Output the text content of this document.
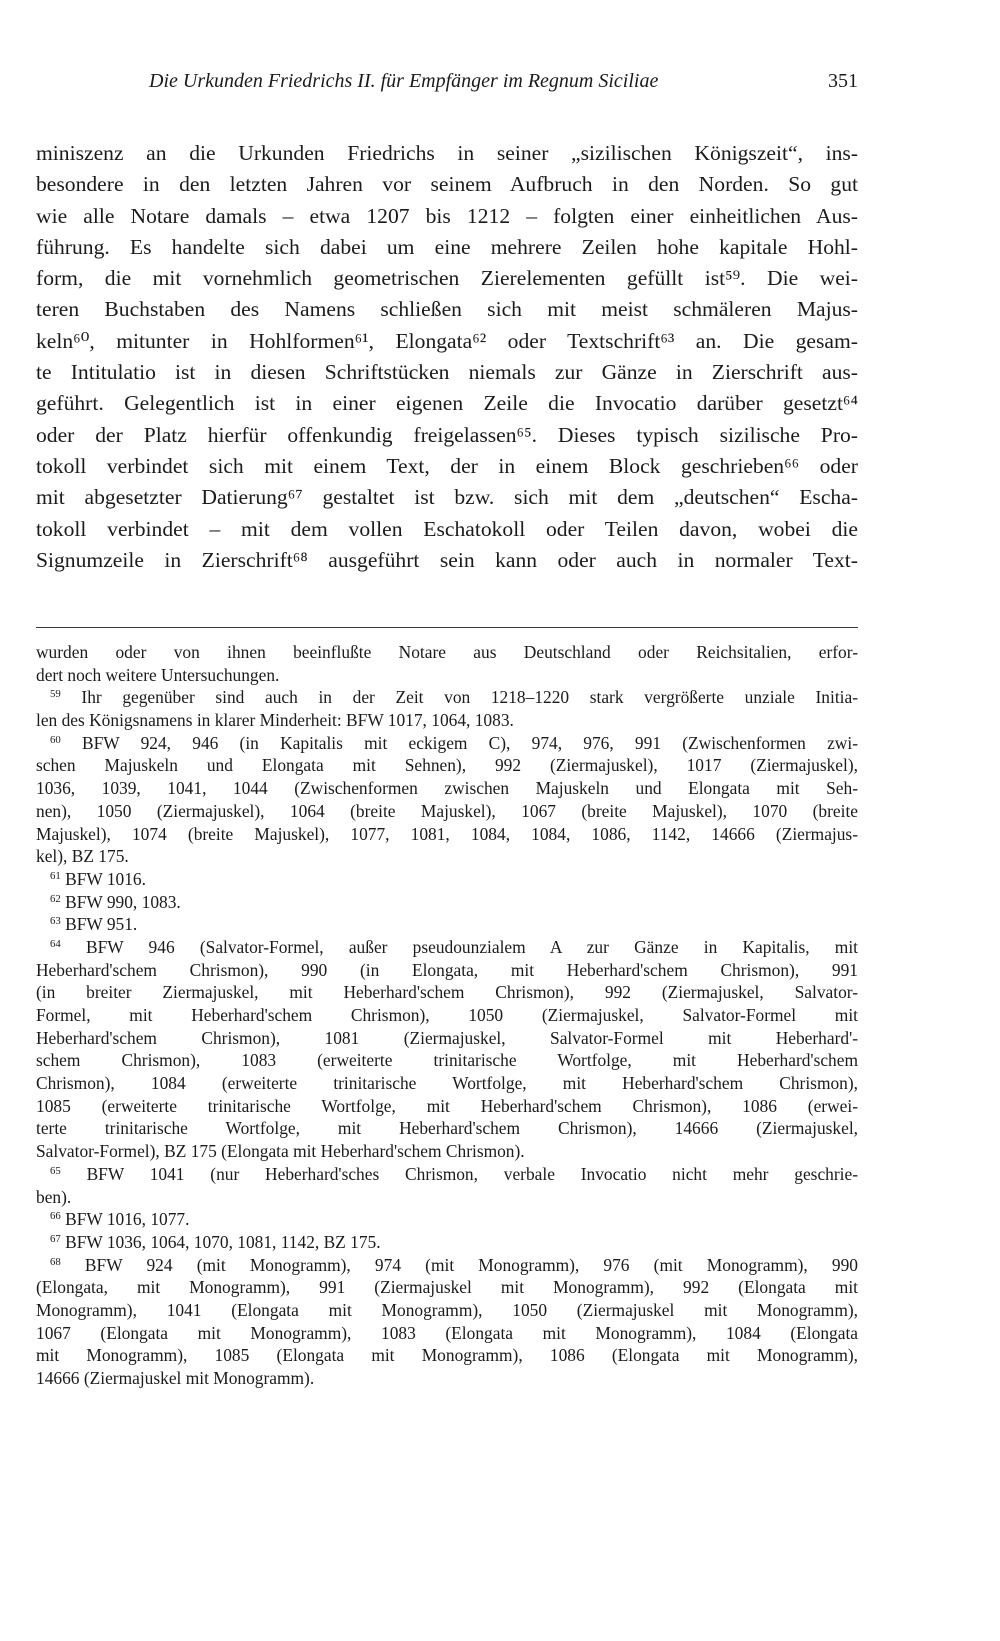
Die Urkunden Friedrichs II. für Empfänger im Regnum Siciliae	351
miniszenz an die Urkunden Friedrichs in seiner „sizilischen Königszeit“, ins-
besondere in den letzten Jahren vor seinem Aufbruch in den Norden. So gut
wie alle Notare damals – etwa 1207 bis 1212 – folgten einer einheitlichen Aus-
führung. Es handelte sich dabei um eine mehrere Zeilen hohe kapitale Hohl-
form, die mit vornehmlich geometrischen Zierelementen gefüllt ist⁵⁹. Die wei-
teren Buchstaben des Namens schließen sich mit meist schmäleren Majus-
keln⁶⁰, mitunter in Hohlformen⁶¹, Elongata⁶² oder Textschrift⁶³ an. Die gesam-
te Intitulatio ist in diesen Schriftstücken niemals zur Gänze in Zierschrift aus-
geführt. Gelegentlich ist in einer eigenen Zeile die Invocatio darüber gesetzt⁶⁴
oder der Platz hierfür offenkundig freigelassen⁶⁵. Dieses typisch sizilische Pro-
tokoll verbindet sich mit einem Text, der in einem Block geschrieben⁶⁶ oder
mit abgesetzter Datierung⁶⁷ gestaltet ist bzw. sich mit dem „deutschen“ Escha-
tokoll verbindet – mit dem vollen Eschatokoll oder Teilen davon, wobei die
Signumzeile in Zierschrift⁶⁸ ausgeführt sein kann oder auch in normaler Text-
wurden oder von ihnen beeinflußte Notare aus Deutschland oder Reichsitalien, erfor-
dert noch weitere Untersuchungen.
$^{59}$ Ihr gegenüber sind auch in der Zeit von 1218–1220 stark vergrößerte unziale Initia-
len des Königsnamens in klarer Minderheit: BFW 1017, 1064, 1083.
$^{60}$ BFW 924, 946 (in Kapitalis mit eckigem C), 974, 976, 991 (Zwischenformen zwi-
schen Majuskeln und Elongata mit Sehnen), 992 (Ziermajuskel), 1017 (Ziermajuskel),
1036, 1039, 1041, 1044 (Zwischenformen zwischen Majuskeln und Elongata mit Seh-
nen), 1050 (Ziermajuskel), 1064 (breite Majuskel), 1067 (breite Majuskel), 1070 (breite
Majuskel), 1074 (breite Majuskel), 1077, 1081, 1084, 1084, 1086, 1142, 14666 (Ziermajus-
kel), BZ 175.
$^{61}$ BFW 1016.
$^{62}$ BFW 990, 1083.
$^{63}$ BFW 951.
$^{64}$ BFW 946 (Salvator-Formel, außer pseudounzialem A zur Gänze in Kapitalis, mit
Heberhard'schem Chrismon), 990 (in Elongata, mit Heberhard'schem Chrismon), 991
(in breiter Ziermajuskel, mit Heberhard'schem Chrismon), 992 (Ziermajuskel, Salvator-
Formel, mit Heberhard'schem Chrismon), 1050 (Ziermajuskel, Salvator-Formel mit
Heberhard'schem Chrismon), 1081 (Ziermajuskel, Salvator-Formel mit Heberhard'-
schem Chrismon), 1083 (erweiterte trinitarische Wortfolge, mit Heberhard'schem
Chrismon), 1084 (erweiterte trinitarische Wortfolge, mit Heberhard'schem Chrismon),
1085 (erweiterte trinitarische Wortfolge, mit Heberhard'schem Chrismon), 1086 (erwei-
terte trinitarische Wortfolge, mit Heberhard'schem Chrismon), 14666 (Ziermajuskel,
Salvator-Formel), BZ 175 (Elongata mit Heberhard'schem Chrismon).
$^{65}$ BFW 1041 (nur Heberhard'sches Chrismon, verbale Invocatio nicht mehr geschrie-
ben).
$^{66}$ BFW 1016, 1077.
$^{67}$ BFW 1036, 1064, 1070, 1081, 1142, BZ 175.
$^{68}$ BFW 924 (mit Monogramm), 974 (mit Monogramm), 976 (mit Monogramm), 990
(Elongata, mit Monogramm), 991 (Ziermajuskel mit Monogramm), 992 (Elongata mit
Monogramm), 1041 (Elongata mit Monogramm), 1050 (Ziermajuskel mit Monogramm),
1067 (Elongata mit Monogramm), 1083 (Elongata mit Monogramm), 1084 (Elongata
mit Monogramm), 1085 (Elongata mit Monogramm), 1086 (Elongata mit Monogramm),
14666 (Ziermajuskel mit Monogramm).
